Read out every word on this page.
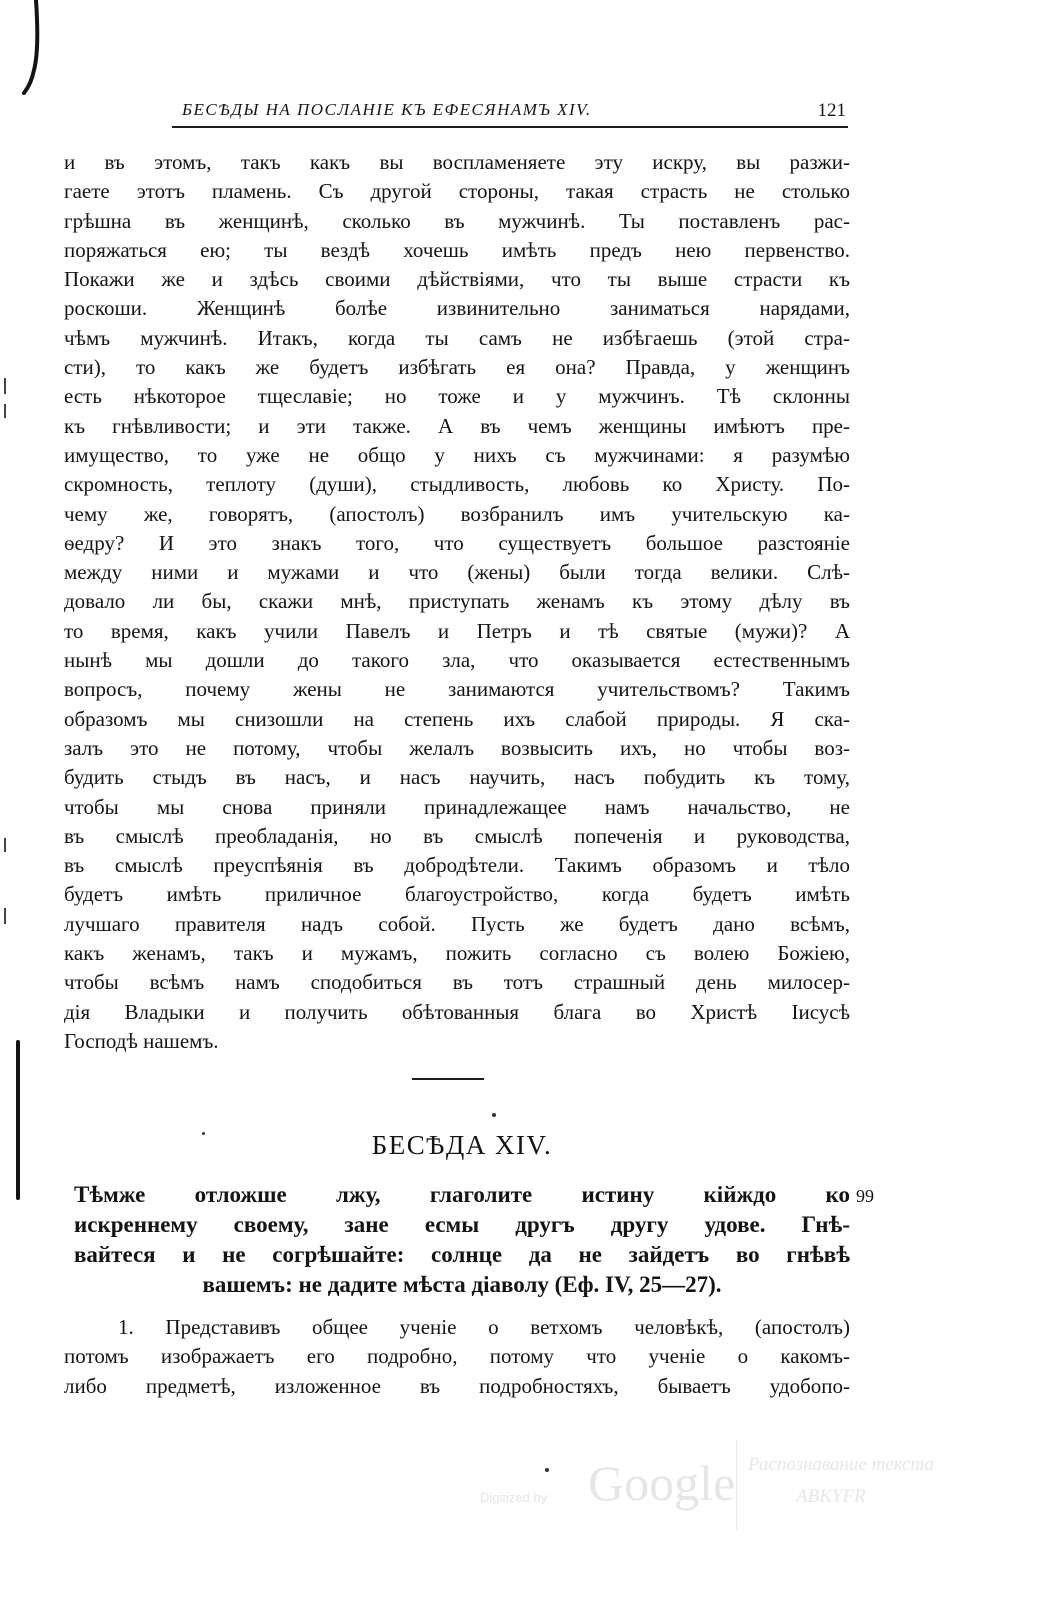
БЕСѢДЫ НА ПОСЛАНІЕ КЪ ЕФЕСЯНАМЪ XIV.	121
и въ этомъ, такъ какъ вы воспламеняете эту искру, вы разжи-
гаете этотъ пламень. Съ другой стороны, такая страсть не столько
грѣшна въ женщинѣ, сколько въ мужчинѣ. Ты поставленъ рас-
поряжаться ею; ты вездѣ хочешь имѣть предъ нею первенство.
Покажи же и здѣсь своими дѣйствіями, что ты выше страсти къ
роскоши. Женщинѣ болѣе извинительно заниматься нарядами,
чѣмъ мужчинѣ. Итакъ, когда ты самъ не избѣгаешь (этой стра-
сти), то какъ же будетъ избѣгать ея она? Правда, у женщинъ
есть нѣкоторое тщеславіе; но тоже и у мужчинъ. Тѣ склонны
къ гнѣвливости; и эти также. А въ чемъ женщины имѣютъ пре-
имущество, то уже не общо у нихъ съ мужчинами: я разумѣю
скромность, теплоту (души), стыдливость, любовь ко Христу. По-
чему же, говорятъ, (апостолъ) возбранилъ имъ учительскую ка-
ѳедру? И это знакъ того, что существуетъ большое разстояніе
между ними и мужами и что (жены) были тогда велики. Слѣ-
довало ли бы, скажи мнѣ, приступать женамъ къ этому дѣлу въ
то время, какъ учили Павелъ и Петръ и тѣ святые (мужи)? А
нынѣ мы дошли до такого зла, что оказывается естественнымъ
вопросъ, почему жены не занимаются учительствомъ? Такимъ
образомъ мы снизошли на степень ихъ слабой природы. Я ска-
залъ это не потому, чтобы желалъ возвысить ихъ, но чтобы воз-
будить стыдъ въ насъ, и насъ научить, насъ побудить къ тому,
чтобы мы снова приняли принадлежащее намъ начальство, не
въ смыслѣ преобладанія, но въ смыслѣ попеченія и руководства,
въ смыслѣ преуспѣянія въ добродѣтели. Такимъ образомъ и тѣло
будетъ имѣть приличное благоустройство, когда будетъ имѣть
лучшаго правителя надъ собой. Пусть же будетъ дано всѣмъ,
какъ женамъ, такъ и мужамъ, пожить согласно съ волею Божіею,
чтобы всѣмъ намъ сподобиться въ тотъ страшный день милосер-
дія Владыки и получить обѣтованныя блага во Христѣ Іисусѣ
Господѣ нашемъ.
БЕСѢДА XIV.
Тѣмже отложше лжу, глаголите истину кійждо ко
искреннему своему, зане есмы другъ другу удове. Гнѣ-
вайтеся и не согрѣшайте: солнце да не зайдетъ во гнѣвѣ
вашемъ: не дадите мѣста діаволу (Еф. IV, 25—27).
99
1. Представивъ общее ученіе о ветхомъ человѣкѣ, (апостолъ)
потомъ изображаетъ его подробно, потому что ученіе о какомъ-
либо предметѣ, изложенное въ подробностяхъ, бываетъ удобопо-
Digitized by Google Распознавание текста
ABKYFR
